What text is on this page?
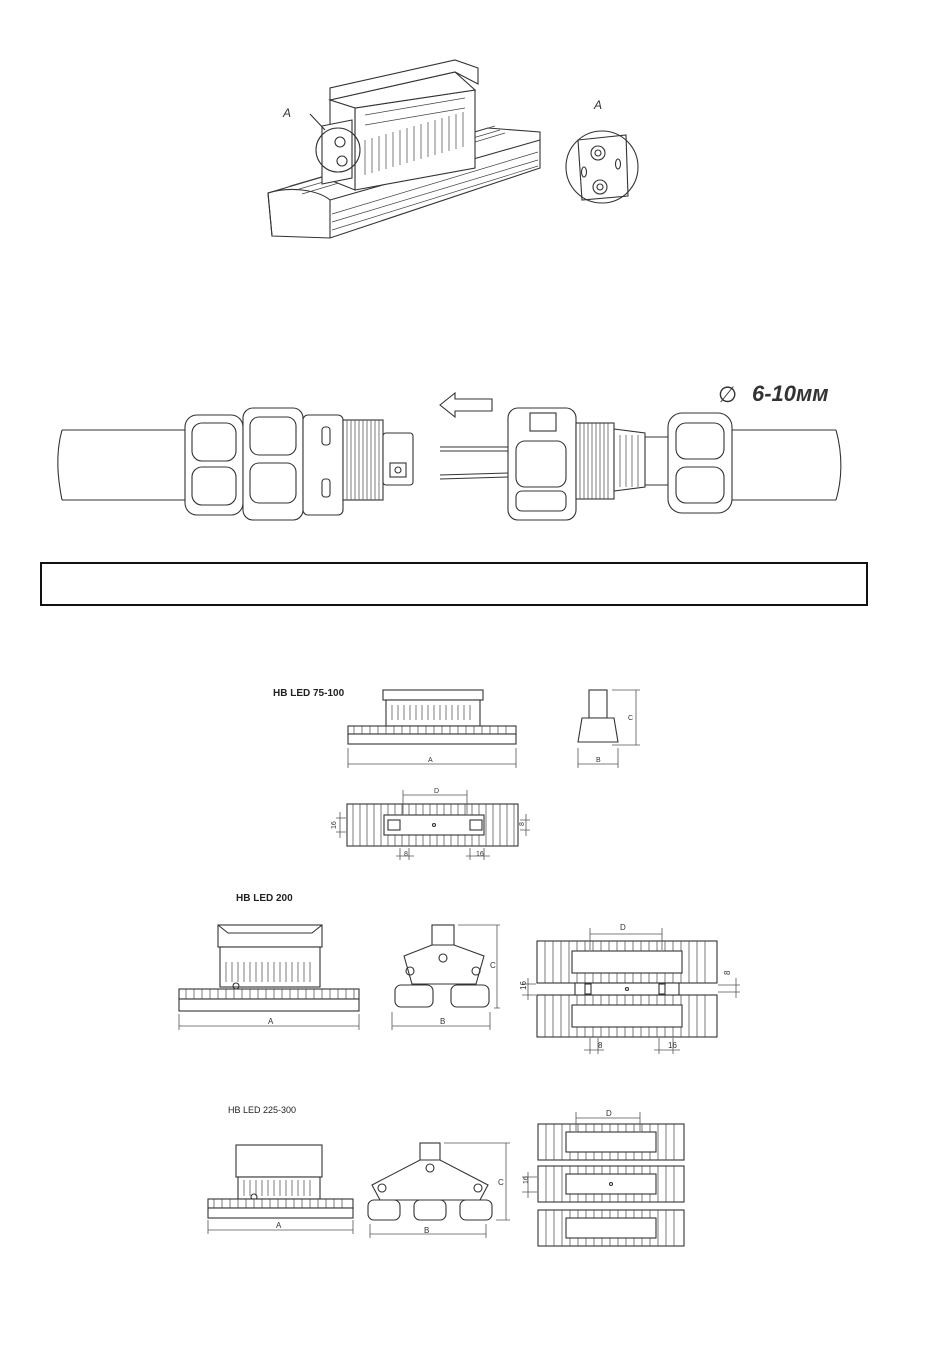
A
A
∅ 6-10мм
HB LED 75-100
A
C
B
D
16	8
8	16
HB LED 200
A
C
B
D
16
8
8	16
HB LED 225-300
A
C
B
D
16
